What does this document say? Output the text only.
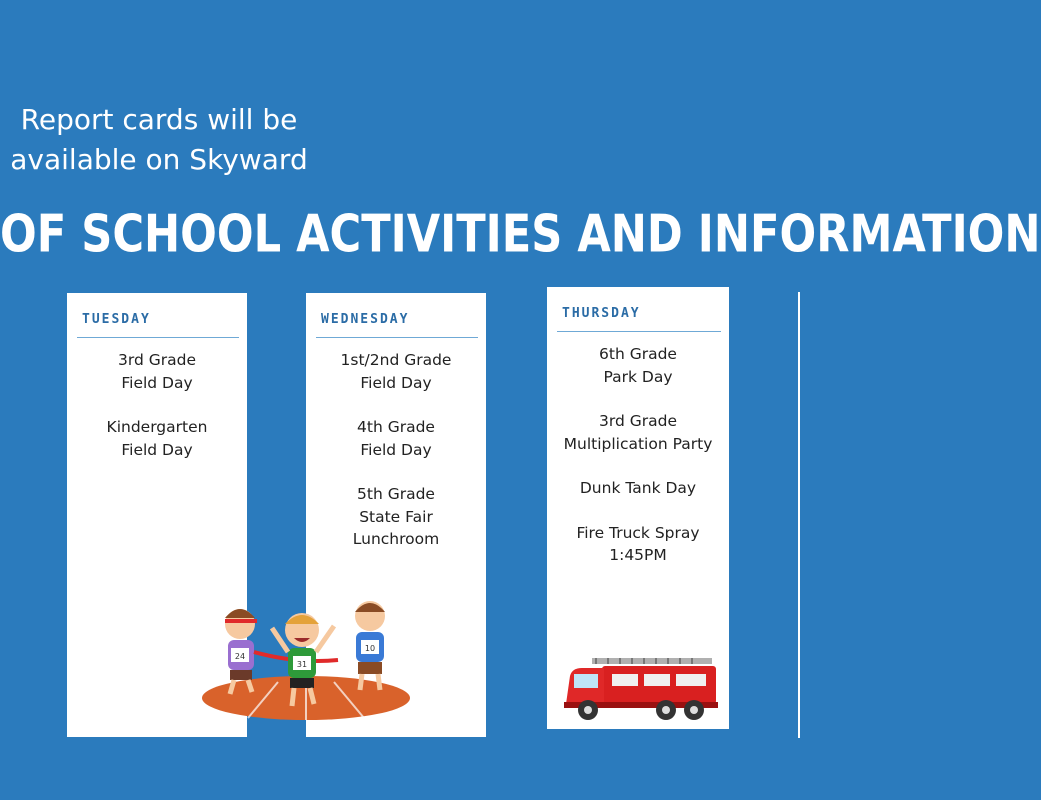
Report cards will be
available on Skyward
OF SCHOOL ACTIVITIES AND INFORMATION
TUESDAY
3rd Grade
Field Day
Kindergarten
Field Day
WEDNESDAY
1st/2nd Grade
Field Day
4th Grade
Field Day
5th Grade
State Fair
Lunchroom
THURSDAY
6th Grade
Park Day
3rd Grade
Multiplication Party
Dunk Tank Day
Fire Truck Spray
1:45PM
24
31
10
